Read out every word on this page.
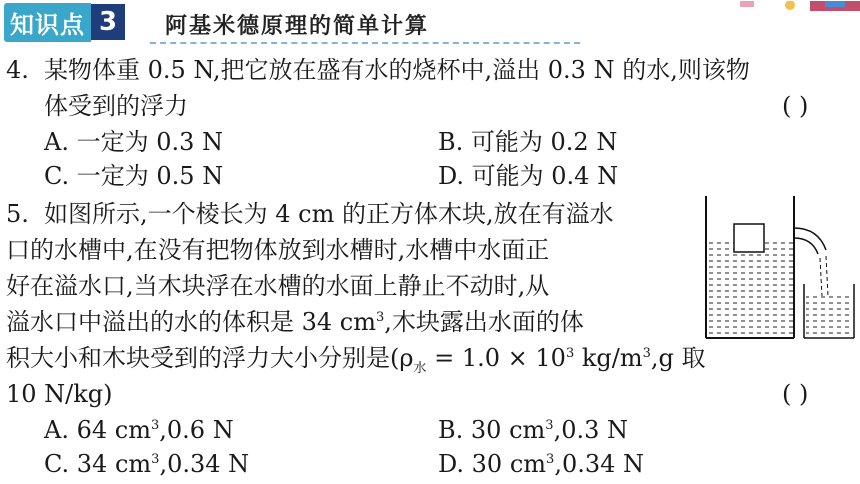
知识点 3	阿基米德原理的简单计算
4. 某物体重 0.5 N,把它放在盛有水的烧杯中,溢出 0.3 N 的水,则该物
体受到的浮力	( )
A. 一定为 0.3 N	B. 可能为 0.2 N
C. 一定为 0.5 N	D. 可能为 0.4 N
5. 如图所示,一个棱长为 4 cm 的正方体木块,放在有溢水
口的水槽中,在没有把物体放到水槽时,水槽中水面正
好在溢水口,当木块浮在水槽的水面上静止不动时,从
溢水口中溢出的水的体积是 34 $cm^3$,木块露出水面的体
积大小和木块受到的浮力大小分别是($\rho_水 = 1.0 \times 10^3$ $kg/m^3,g$ 取
10 N/kg)	( )
A. 64 $cm^3,0.6$ N	B. 30 $cm^3,0.3$ N
C. 34 $cm^3,0.34$ N	D. 30 $cm^3,0.34$ N
